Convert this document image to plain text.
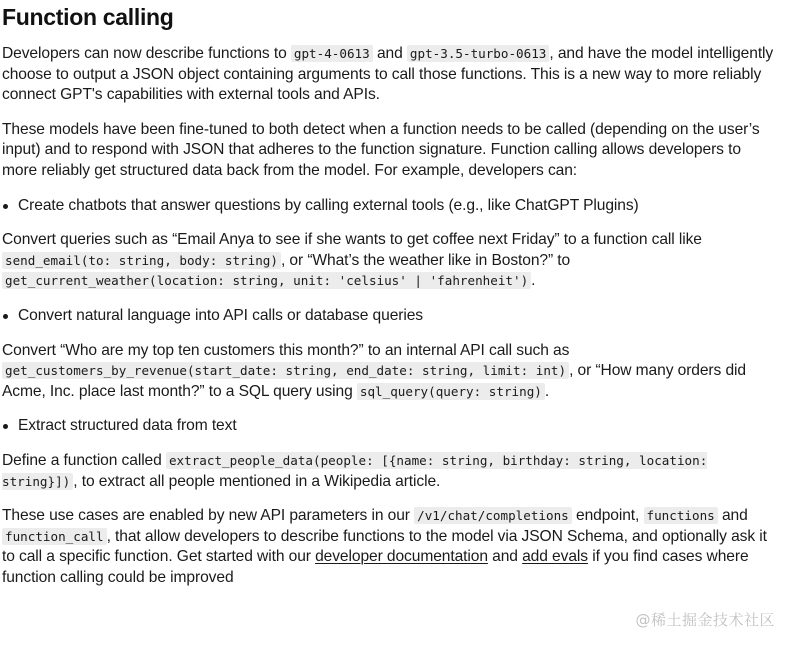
Function calling

Developers can now describe functions to gpt-4-0613 and gpt-3.5-turbo-0613 , and have the model intelligently choose to output a JSON object containing arguments to call those functions. This is a new way to more reliably connect GPT's capabilities with external tools and APIs.

These models have been fine-tuned to both detect when a function needs to be called (depending on the user’s input) and to respond with JSON that adheres to the function signature. Function calling allows developers to more reliably get structured data back from the model. For example, developers can:

Create chatbots that answer questions by calling external tools (e.g., like ChatGPT Plugins)

Convert queries such as “Email Anya to see if she wants to get coffee next Friday” to a function call like send_email(to: string, body: string) , or “What’s the weather like in Boston?” to get_current_weather(location: string, unit: 'celsius' | 'fahrenheit') .

Convert natural language into API calls or database queries

Convert “Who are my top ten customers this month?” to an internal API call such as get_customers_by_revenue(start_date: string, end_date: string, limit: int) , or “How many orders did Acme, Inc. place last month?” to a SQL query using sql_query(query: string) .

Extract structured data from text

Define a function called extract_people_data(people: [{name: string, birthday: string, location: string}]) , to extract all people mentioned in a Wikipedia article.

These use cases are enabled by new API parameters in our /v1/chat/completions endpoint, functions and function_call , that allow developers to describe functions to the model via JSON Schema, and optionally ask it to call a specific function. Get started with our developer documentation and add evals if you find cases where function calling could be improved

@稀土掘金技术社区
